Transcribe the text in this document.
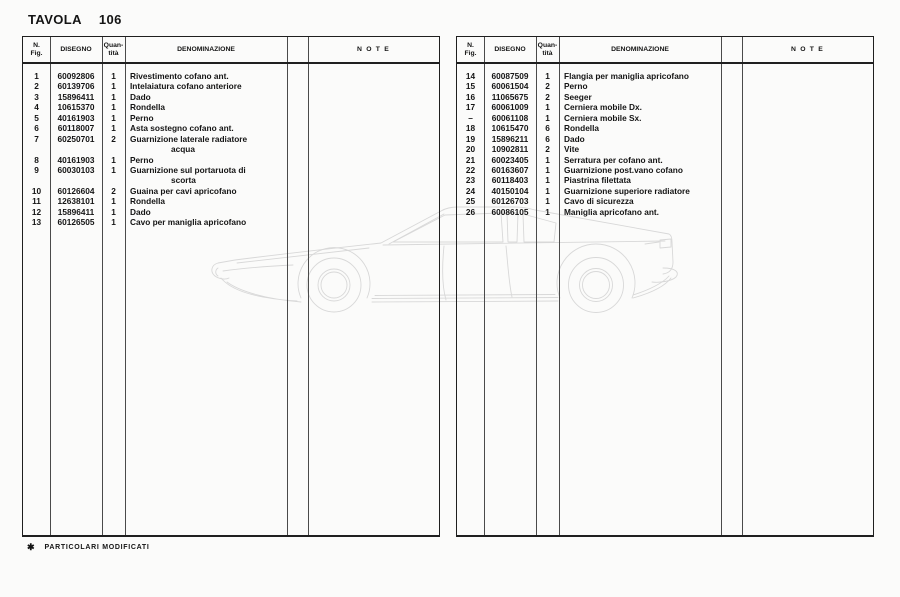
TAVOLA 106
N.
Fig.	DISEGNO
Quan-
tità	DENOMINAZIONE	N O T E
1	60092806	1	Rivestimento cofano ant.
2	60139706	1	Intelaiatura cofano anteriore
3	15896411	1	Dado
4	10615370	1	Rondella
5	40161903	1	Perno
6	60118007	1	Asta sostegno cofano ant.
7	60250701	2	Guarnizione laterale radiatore
acqua
8	40161903	1	Perno
9	60030103	1	Guarnizione sul portaruota di
scorta
10	60126604	2	Guaina per cavi apricofano
11	12638101	1	Rondella
12	15896411	1	Dado
13	60126505	1	Cavo per maniglia apricofano
N.
Fig.	DISEGNO
Quan-
tità	DENOMINAZIONE	N O T E
14	60087509	1	Flangia per maniglia apricofano
15	60061504	2	Perno
16	11065675	2	Seeger
17	60061009	1	Cerniera mobile Dx.
–	60061108	1	Cerniera mobile Sx.
18	10615470	6	Rondella
19	15896211	6	Dado
20	10902811	2	Vite
21	60023405	1	Serratura per cofano ant.
22	60163607	1	Guarnizione post.vano cofano
23	60118403	1	Piastrina filettata
24	40150104	1	Guarnizione superiore radiatore
25	60126703	1	Cavo di sicurezza
26	60086105	1	Maniglia apricofano ant.
✱ PARTICOLARI MODIFICATI
